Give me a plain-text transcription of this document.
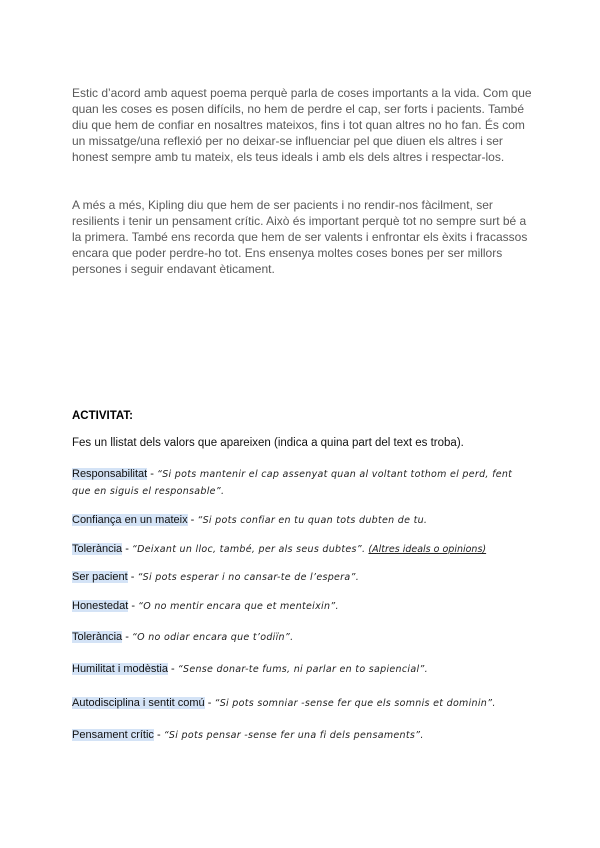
Estic d’acord amb aquest poema perquè parla de coses importants a la vida. Com que quan les coses es posen difícils, no hem de perdre el cap, ser forts i pacients. També diu que hem de confiar en nosaltres mateixos, fins i tot quan altres no ho fan. És com un missatge/una reflexió per no deixar-se influenciar pel que diuen els altres i ser honest sempre amb tu mateix, els teus ideals i amb els dels altres i respectar-los.

A més a més, Kipling diu que hem de ser pacients i no rendir-nos fàcilment, ser resilients i tenir un pensament crític. Això és important perquè tot no sempre surt bé a la primera. També ens recorda que hem de ser valents i enfrontar els èxits i fracassos encara que poder perdre-ho tot. Ens ensenya moltes coses bones per ser millors persones i seguir endavant èticament.

ACTIVITAT:

Fes un llistat dels valors que apareixen (indica a quina part del text es troba).

Responsabilitat - “Si pots mantenir el cap assenyat quan al voltant tothom el perd, fent que en siguis el responsable”.

Confiança en un mateix - “Si pots confiar en tu quan tots dubten de tu.

Tolerància - “Deixant un lloc, també, per als seus dubtes”. (Altres ideals o opinions)

Ser pacient - “Si pots esperar i no cansar-te de l’espera”.

Honestedat - “O no mentir encara que et menteixin”.

Tolerància - “O no odiar encara que t’odiïn”.

Humilitat i modèstia - “Sense donar-te fums, ni parlar en to sapiencial”.

Autodisciplina i sentit comú - “Si pots somniar -sense fer que els somnis et dominin”.

Pensament crític - “Si pots pensar -sense fer una fi dels pensaments”.
